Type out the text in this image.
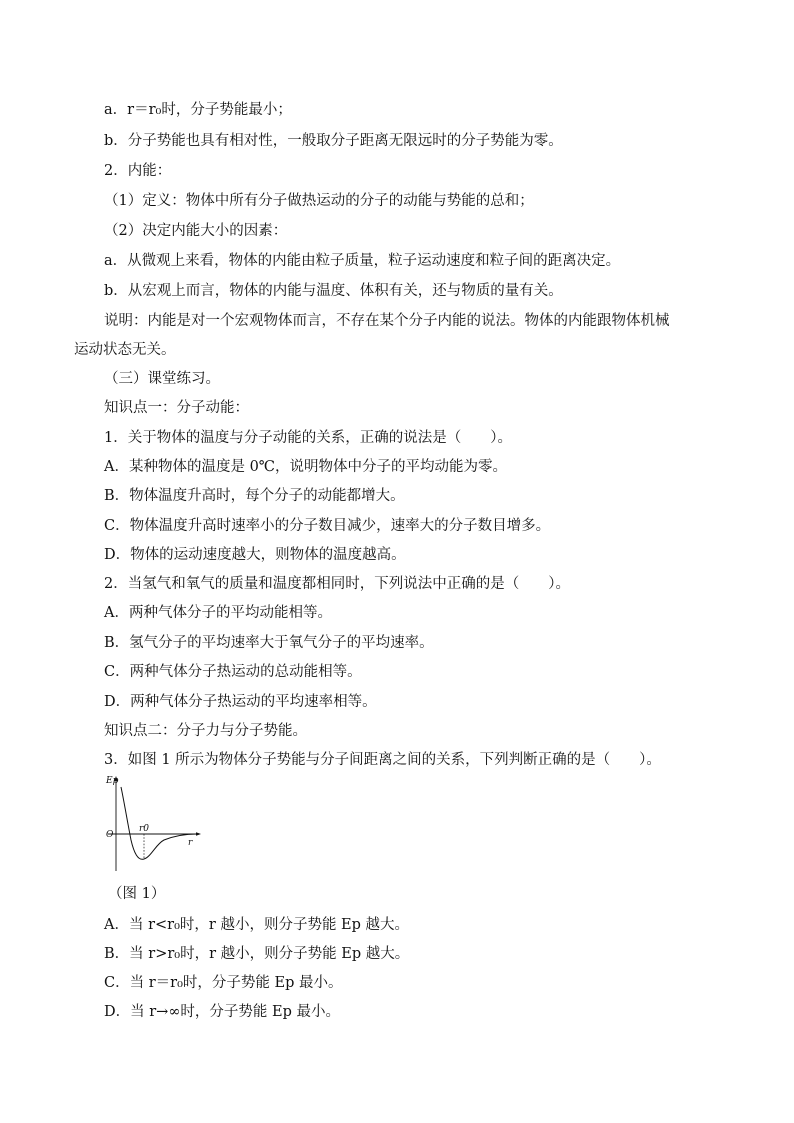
a．r＝r₀时，分子势能最小；
b．分子势能也具有相对性，一般取分子距离无限远时的分子势能为零。
2．内能：
（1）定义：物体中所有分子做热运动的分子的动能与势能的总和；
（2）决定内能大小的因素：
a．从微观上来看，物体的内能由粒子质量，粒子运动速度和粒子间的距离决定。
b．从宏观上而言，物体的内能与温度、体积有关，还与物质的量有关。
说明：内能是对一个宏观物体而言，不存在某个分子内能的说法。物体的内能跟物体机械
运动状态无关。
（三）课堂练习。
知识点一：分子动能：
1．关于物体的温度与分子动能的关系，正确的说法是（　　）。
A．某种物体的温度是 0℃，说明物体中分子的平均动能为零。
B．物体温度升高时，每个分子的动能都增大。
C．物体温度升高时速率小的分子数目减少，速率大的分子数目增多。
D．物体的运动速度越大，则物体的温度越高。
2．当氢气和氧气的质量和温度都相同时，下列说法中正确的是（　　）。
A．两种气体分子的平均动能相等。
B．氢气分子的平均速率大于氧气分子的平均速率。
C．两种气体分子热运动的总动能相等。
D．两种气体分子热运动的平均速率相等。
知识点二：分子力与分子势能。
3．如图 1 所示为物体分子势能与分子间距离之间的关系，下列判断正确的是（　　）。
Ep
O
r0
r
（图 1）
A．当 r<r₀时，r 越小，则分子势能 Ep 越大。
B．当 r>r₀时，r 越小，则分子势能 Ep 越大。
C．当 r＝r₀时，分子势能 Ep 最小。
D．当 r→∞时，分子势能 Ep 最小。
